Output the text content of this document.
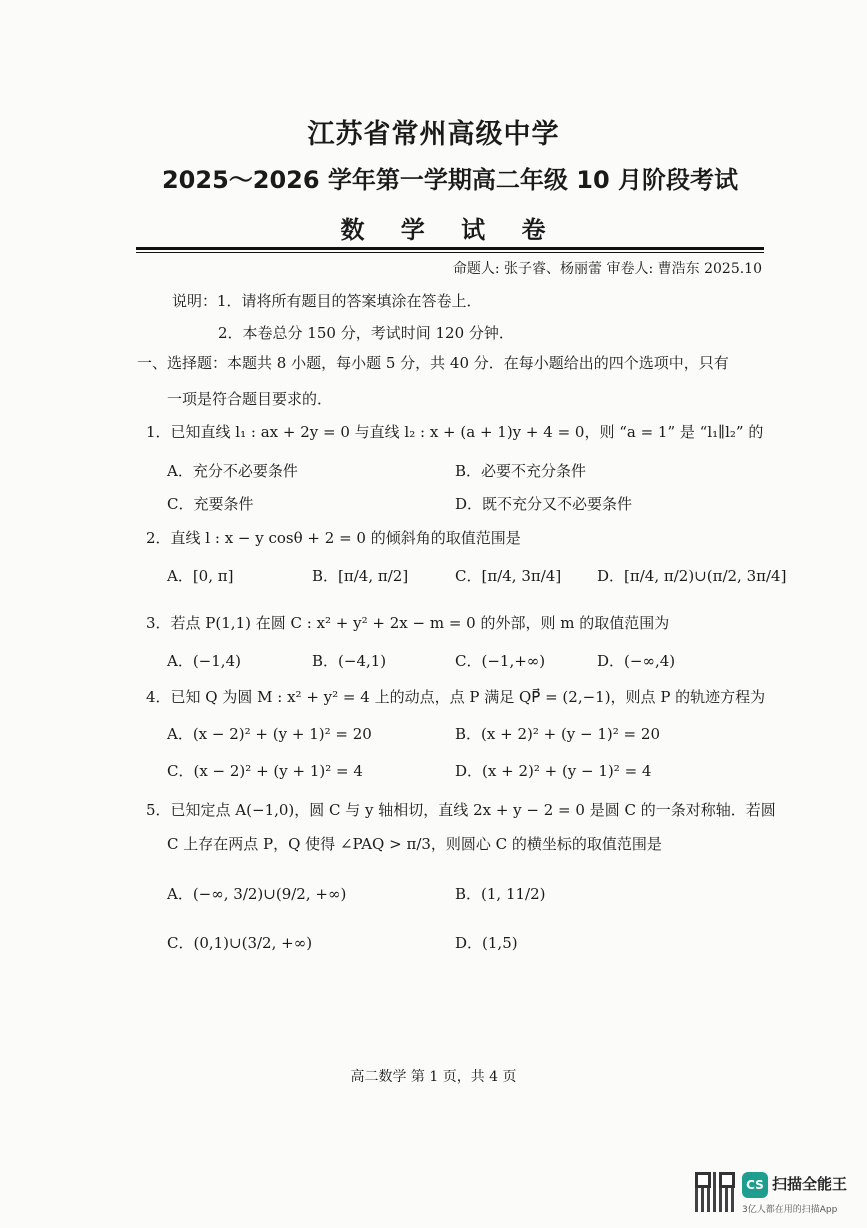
江苏省常州高级中学
2025～2026 学年第一学期高二年级 10 月阶段考试
数 学 试 卷
命题人: 张子睿、杨丽蕾 审卷人: 曹浩东 2025.10
说明：1．请将所有题目的答案填涂在答卷上．
2．本卷总分 150 分，考试时间 120 分钟．
一、选择题：本题共 8 小题，每小题 5 分，共 40 分．在每小题给出的四个选项中，只有
一项是符合题目要求的．
1．已知直线 l₁ : ax + 2y = 0 与直线 l₂ : x + (a + 1)y + 4 = 0，则 “a = 1” 是 “l₁∥l₂” 的
A．充分不必要条件	B．必要不充分条件
C．充要条件	D．既不充分又不必要条件
2．直线 l : x − y cosθ + 2 = 0 的倾斜角的取值范围是
A．[0, π]	B．[π/4, π/2]	C．[π/4, 3π/4] D．[π/4, π/2)∪(π/2, 3π/4]
3．若点 P(1,1) 在圆 C : x² + y² + 2x − m = 0 的外部，则 m 的取值范围为
A．(−1,4)	B．(−4,1)	C．(−1,+∞)	D．(−∞,4)
4．已知 Q 为圆 M : x² + y² = 4 上的动点，点 P 满足 QP⃗ = (2,−1)，则点 P 的轨迹方程为
A．(x − 2)² + (y + 1)² = 20	B．(x + 2)² + (y − 1)² = 20
C．(x − 2)² + (y + 1)² = 4	D．(x + 2)² + (y − 1)² = 4
5．已知定点 A(−1,0)，圆 C 与 y 轴相切，直线 2x + y − 2 = 0 是圆 C 的一条对称轴．若圆
C 上存在两点 P，Q 使得 ∠PAQ > π/3，则圆心 C 的横坐标的取值范围是
A．(−∞, 3/2)∪(9/2, +∞)	B．(1, 11/2)
C．(0,1)∪(3/2, +∞)	D．(1,5)
高二数学 第 1 页，共 4 页
CS 扫描全能王
3亿人都在用的扫描App
